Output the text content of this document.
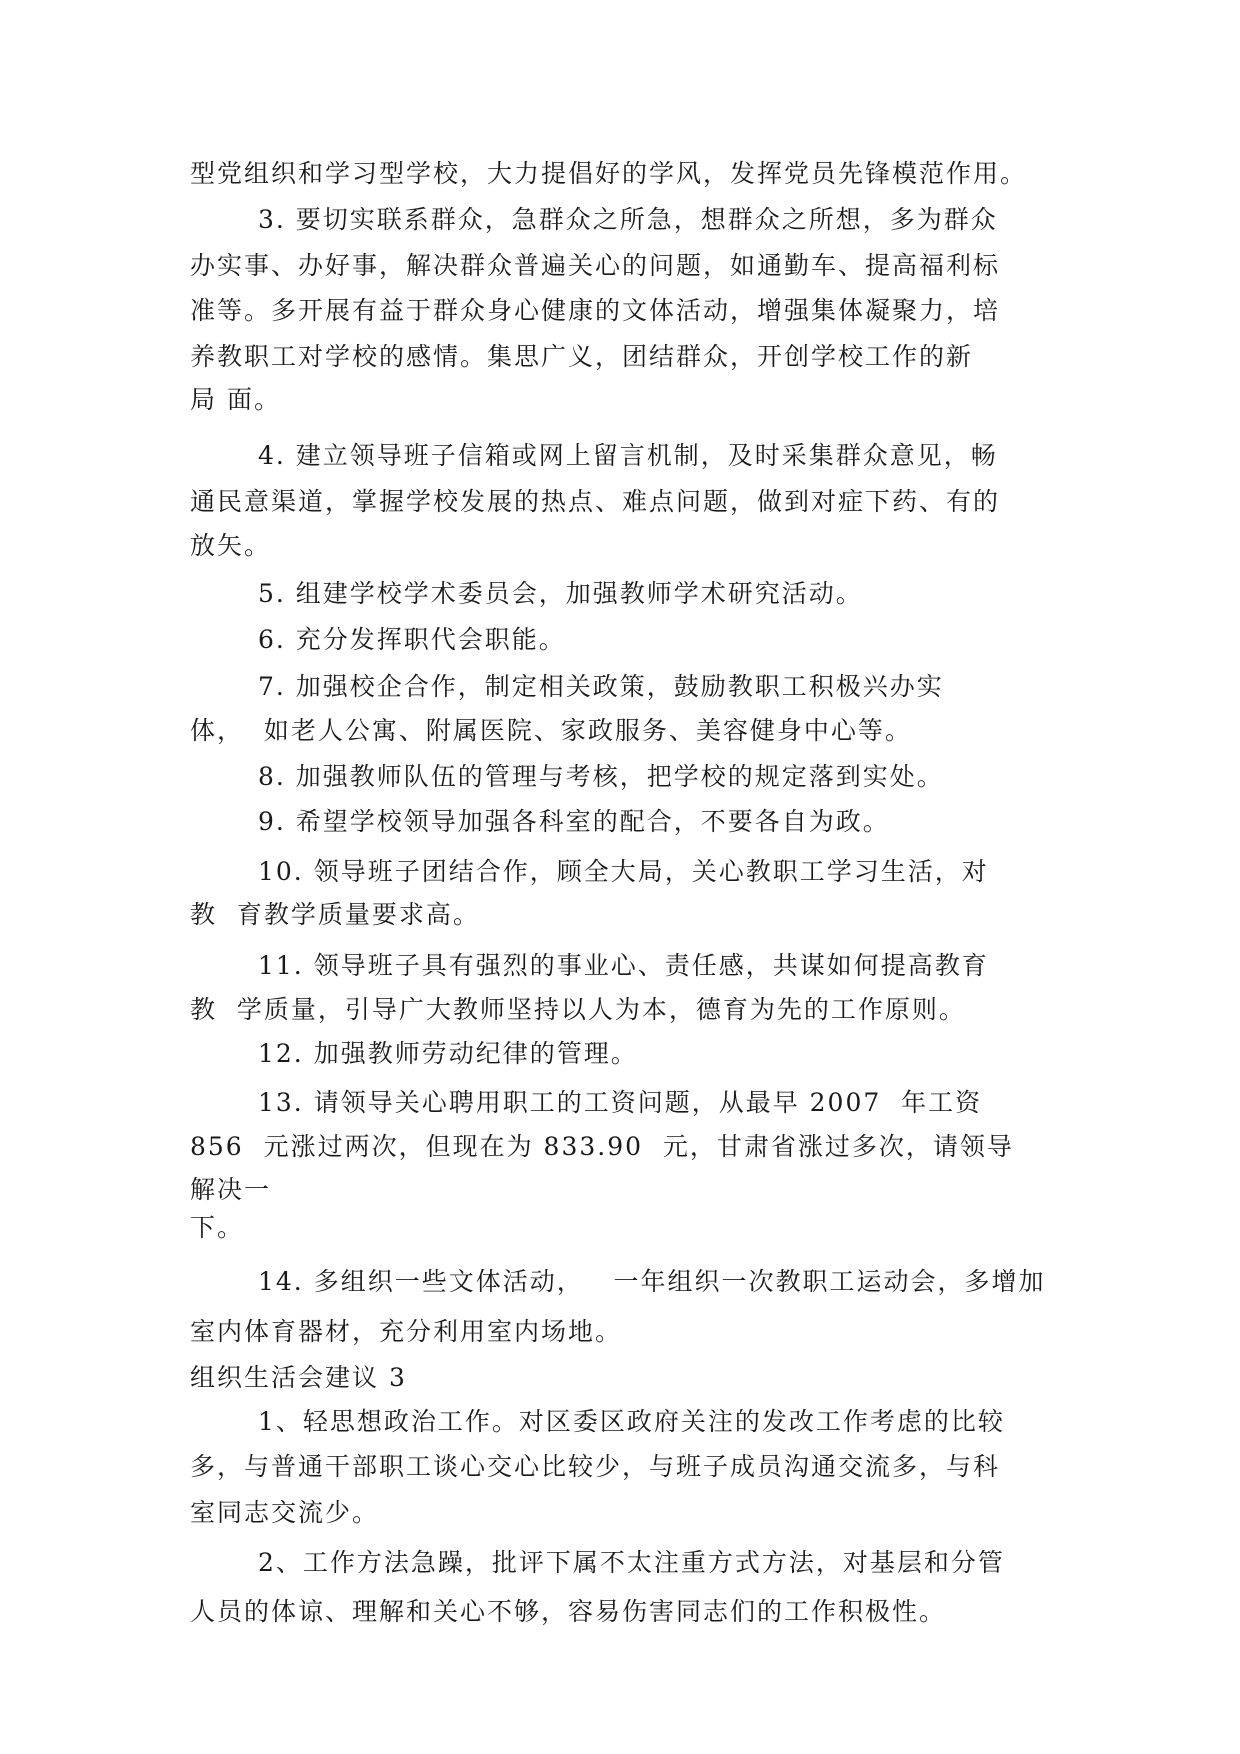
型党组织和学习型学校，大力提倡好的学风，发挥党员先锋模范作用。

3. 要切实联系群众，急群众之所急，想群众之所想，多为群众

办实事、办好事，解决群众普遍关心的问题，如通勤车、提高福利标

准等。多开展有益于群众身心健康的文体活动，增强集体凝聚力，培

养教职工对学校的感情。集思广义，团结群众，开创学校工作的新

局 面。

4. 建立领导班子信箱或网上留言机制，及时采集群众意见，畅

通民意渠道，掌握学校发展的热点、难点问题，做到对症下药、有的

放矢。

5. 组建学校学术委员会，加强教师学术研究活动。

6. 充分发挥职代会职能。

7. 加强校企合作，制定相关政策，鼓励教职工积极兴办实

体，  如老人公寓、附属医院、家政服务、美容健身中心等。

8. 加强教师队伍的管理与考核，把学校的规定落到实处。

9. 希望学校领导加强各科室的配合，不要各自为政。

10. 领导班子团结合作，顾全大局，关心教职工学习生活，对

教  育教学质量要求高。

11. 领导班子具有强烈的事业心、责任感，共谋如何提高教育

教  学质量，引导广大教师坚持以人为本，德育为先的工作原则。

12. 加强教师劳动纪律的管理。

13. 请领导关心聘用职工的工资问题，从最早 2007  年工资

856  元涨过两次，但现在为 833.90  元，甘肃省涨过多次，请领导

解决一

下。

14. 多组织一些文体活动，   一年组织一次教职工运动会，多增加

室内体育器材，充分利用室内场地。

组织生活会建议 3

1、轻思想政治工作。对区委区政府关注的发改工作考虑的比较

多，与普通干部职工谈心交心比较少，与班子成员沟通交流多，与科

室同志交流少。

2、工作方法急躁，批评下属不太注重方式方法，对基层和分管

人员的体谅、理解和关心不够，容易伤害同志们的工作积极性。
